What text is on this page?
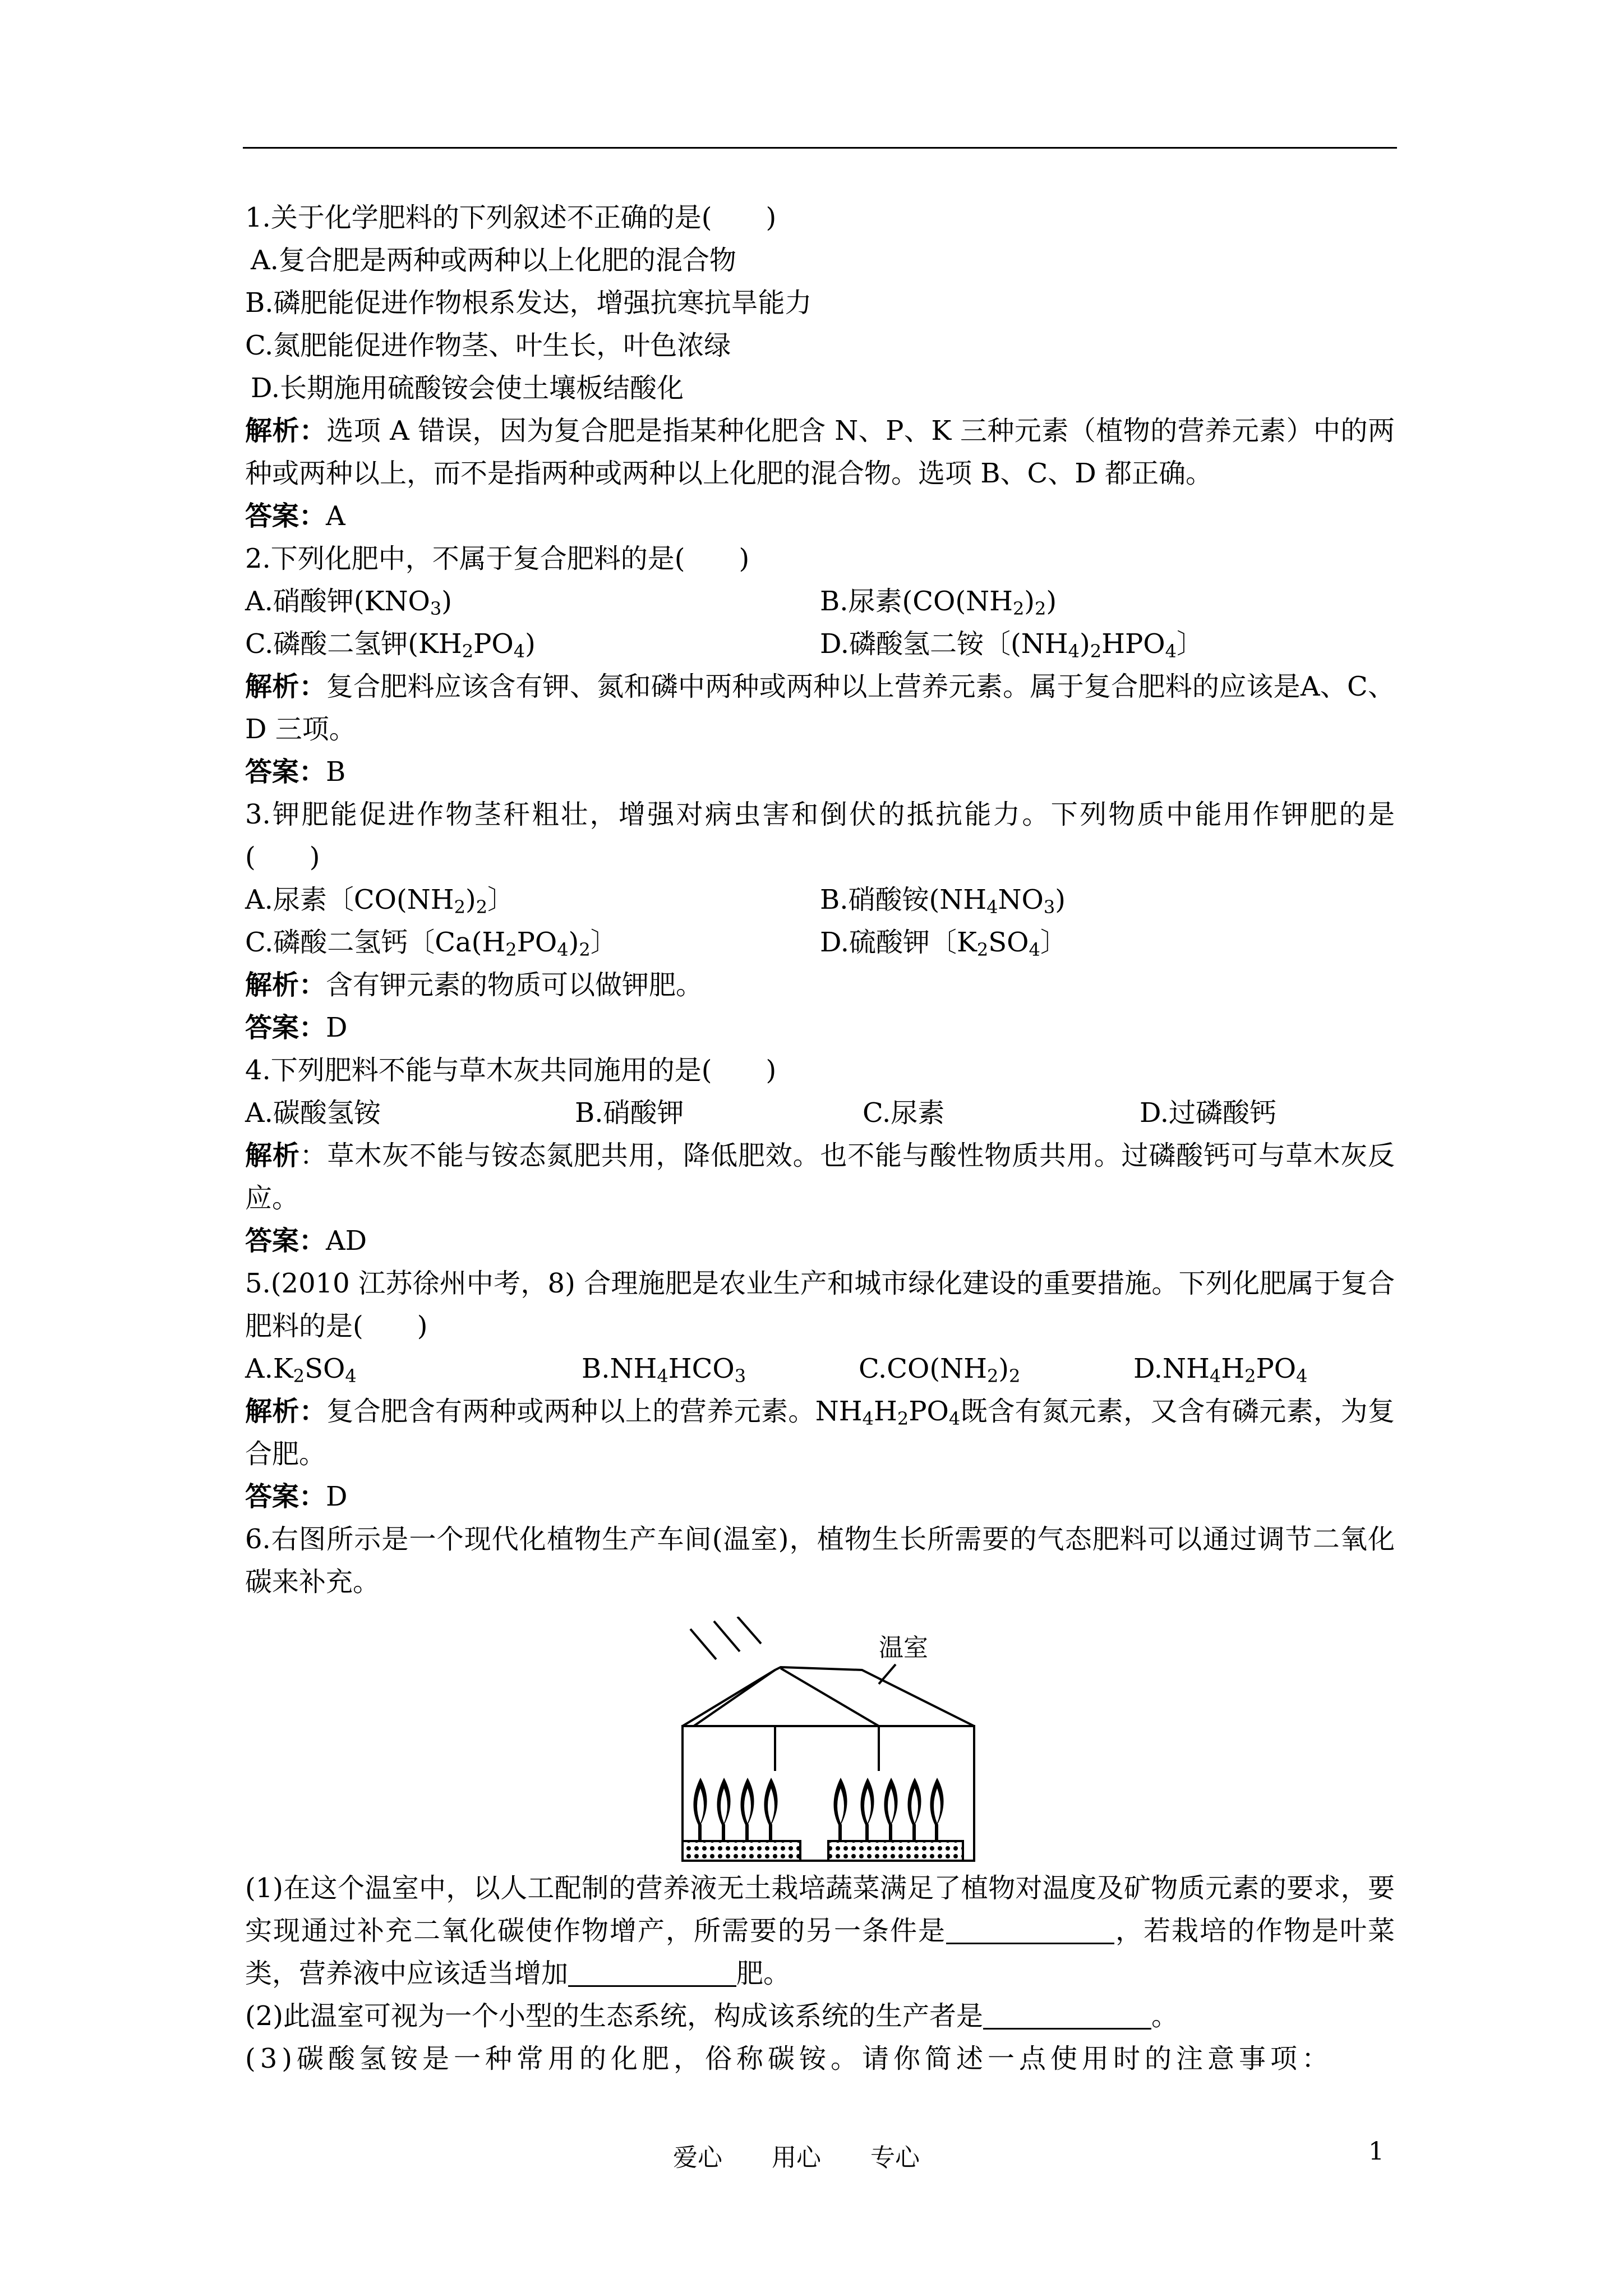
1.关于化学肥料的下列叙述不正确的是(　　)
A.复合肥是两种或两种以上化肥的混合物
B.磷肥能促进作物根系发达，增强抗寒抗旱能力
C.氮肥能促进作物茎、叶生长，叶色浓绿
D.长期施用硫酸铵会使土壤板结酸化
解析：选项 A 错误，因为复合肥是指某种化肥含 N、P、K 三种元素（植物的营养元素）中的两种或两种以上，而不是指两种或两种以上化肥的混合物。选项 B、C、D 都正确。
答案：A
2.下列化肥中，不属于复合肥料的是(　　)
A.硝酸钾$(KNO_3)$	B.尿素$(CO(NH_2)_2)$
C.磷酸二氢钾$(KH_2PO_4)$	D.磷酸氢二铵〔$(NH_4)_2HPO_4$〕
解析：复合肥料应该含有钾、氮和磷中两种或两种以上营养元素。属于复合肥料的应该是A、C、D 三项。
答案：B
3.钾肥能促进作物茎秆粗壮，增强对病虫害和倒伏的抵抗能力。下列物质中能用作钾肥的是(　　)
A.尿素〔$CO(NH_2)_2$〕	B.硝酸铵$(NH_4NO_3)$
C.磷酸二氢钙〔$Ca(H_2PO_4)_2$〕	D.硫酸钾〔$K_2SO_4$〕
解析：含有钾元素的物质可以做钾肥。
答案：D
4.下列肥料不能与草木灰共同施用的是(　　)
A.碳酸氢铵	B.硝酸钾	C.尿素	D.过磷酸钙
解析：草木灰不能与铵态氮肥共用，降低肥效。也不能与酸性物质共用。过磷酸钙可与草木灰反应。
答案：AD
5.(2010 江苏徐州中考，8) 合理施肥是农业生产和城市绿化建设的重要措施。下列化肥属于复合肥料的是(　　)
$A.K_2SO_4$	$B.NH_4HCO_3$	$C.CO(NH_2)_2$	$D.NH_4H_2PO_4$
解析：复合肥含有两种或两种以上的营养元素。$NH_4H_2PO_4$既含有氮元素，又含有磷元素，为复合肥。
答案：D
6.右图所示是一个现代化植物生产车间(温室)，植物生长所需要的气态肥料可以通过调节二氧化碳来补充。
温室
(1)在这个温室中，以人工配制的营养液无土栽培蔬菜满足了植物对温度及矿物质元素的要求，要实现通过补充二氧化碳使作物增产，所需要的另一条件是	，若栽培的作物是叶菜类，营养液中应该适当增加	肥。
(2)此温室可视为一个小型的生态系统，构成该系统的生产者是	。
(3)碳酸氢铵是一种常用的化肥，俗称碳铵。请你简述一点使用时的注意事项：
爱心　　用心　　专心	1
